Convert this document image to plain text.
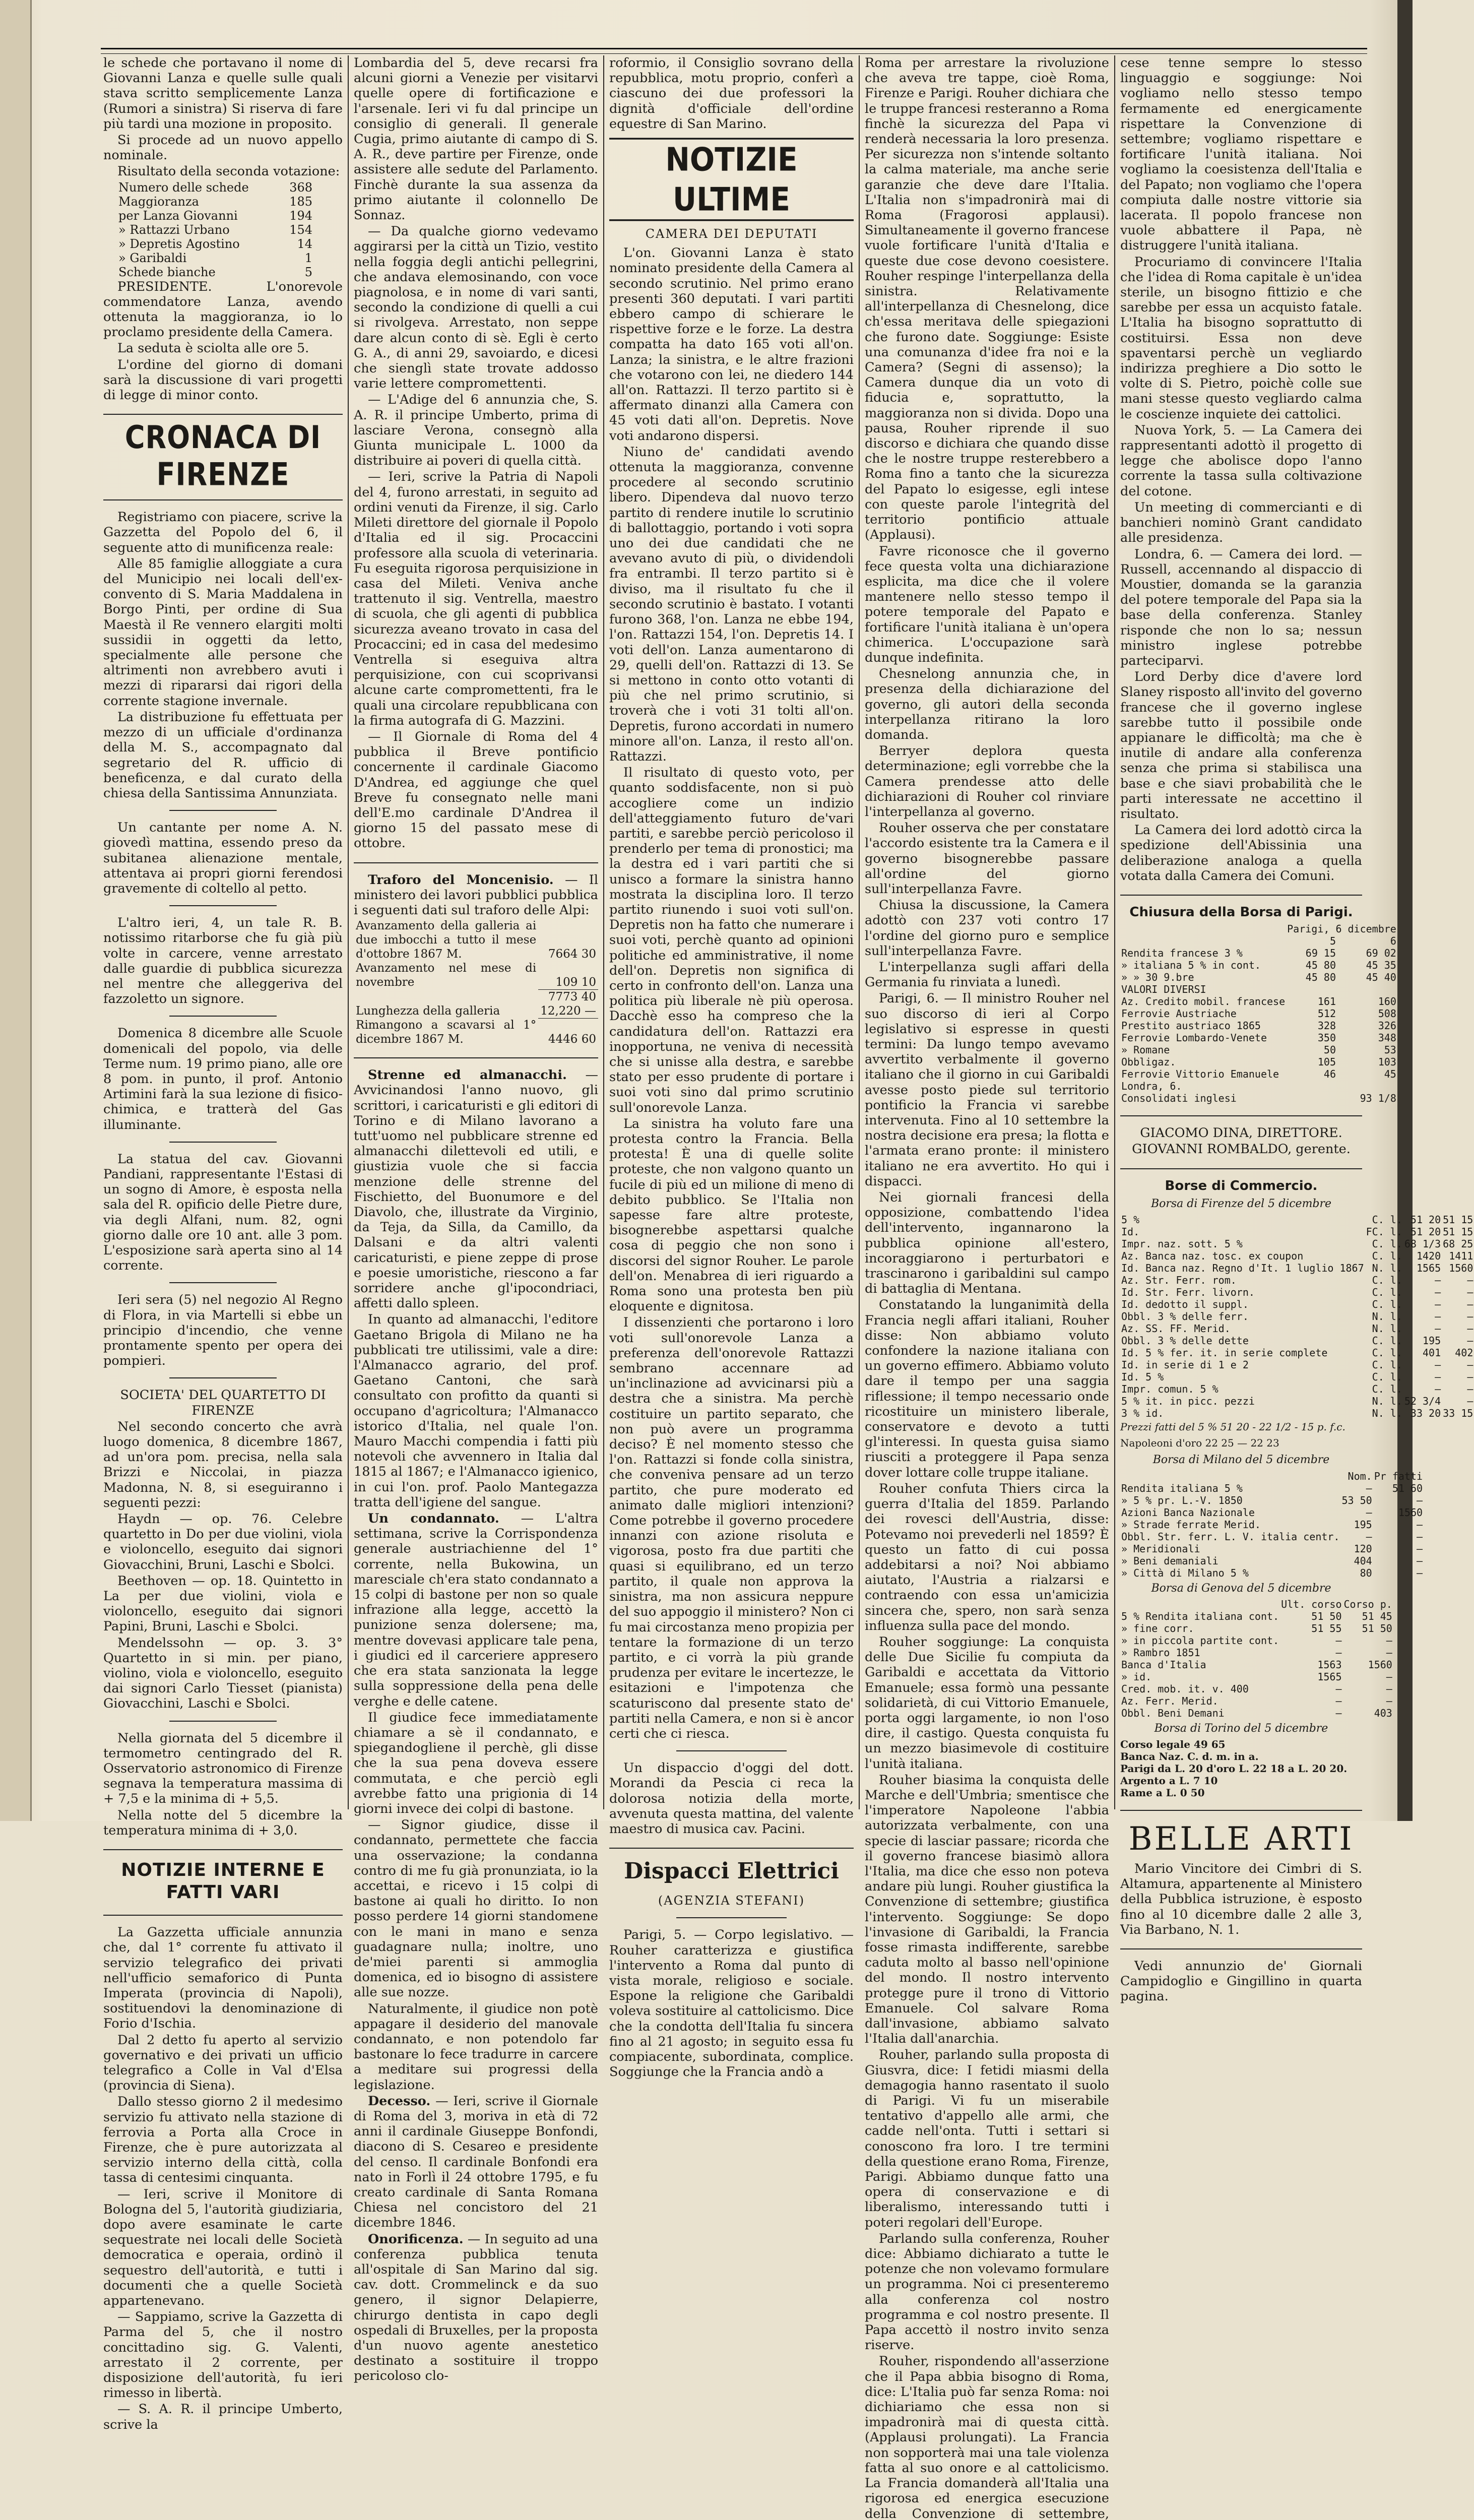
le schede che portavano il nome di Giovanni Lanza e quelle sulle quali stava scritto semplicemente Lanza (Rumori a sinistra) Si riserva di fare più tardi una mozione in proposito.

Si procede ad un nuovo appello nominale.

Risultato della seconda votazione:

Numero delle schede	368
Maggioranza	185
per Lanza Giovanni	194
» Rattazzi Urbano	154
» Depretis Agostino	14
» Garibaldi	1
Schede bianche	5

PRESIDENTE. L'onorevole commendatore Lanza, avendo ottenuta la maggioranza, io lo proclamo presidente della Camera.

La seduta è sciolta alle ore 5.

L'ordine del giorno di domani sarà la discussione di vari progetti di legge di minor conto.

CRONACA DI FIRENZE

Registriamo con piacere, scrive la Gazzetta del Popolo del 6, il seguente atto di munificenza reale:

Alle 85 famiglie alloggiate a cura del Municipio nei locali dell'ex-convento di S. Maria Maddalena in Borgo Pinti, per ordine di Sua Maestà il Re vennero elargiti molti sussidii in oggetti da letto, specialmente alle persone che altrimenti non avrebbero avuti i mezzi di ripararsi dai rigori della corrente stagione invernale.

La distribuzione fu effettuata per mezzo di un ufficiale d'ordinanza della M. S., accompagnato dal segretario del R. ufficio di beneficenza, e dal curato della chiesa della Santissima Annunziata.

Un cantante per nome A. N. giovedì mattina, essendo preso da subitanea alienazione mentale, attentava ai propri giorni ferendosi gravemente di coltello al petto.

L'altro ieri, 4, un tale R. B. notissimo ritarborse che fu già più volte in carcere, venne arrestato dalle guardie di pubblica sicurezza nel mentre che alleggeriva del fazzoletto un signore.

Domenica 8 dicembre alle Scuole domenicali del popolo, via delle Terme num. 19 primo piano, alle ore 8 pom. in punto, il prof. Antonio Artimini farà la sua lezione di fisico-chimica, e tratterà del Gas illuminante.

La statua del cav. Giovanni Pandiani, rappresentante l'Estasi di un sogno di Amore, è esposta nella sala del R. opificio delle Pietre dure, via degli Alfani, num. 82, ogni giorno dalle ore 10 ant. alle 3 pom. L'esposizione sarà aperta sino al 14 corrente.

Ieri sera (5) nel negozio Al Regno di Flora, in via Martelli si ebbe un principio d'incendio, che venne prontamente spento per opera dei pompieri.

SOCIETA' DEL QUARTETTO DI FIRENZE

Nel secondo concerto che avrà luogo domenica, 8 dicembre 1867, ad un'ora pom. precisa, nella sala Brizzi e Niccolai, in piazza Madonna, N. 8, si eseguiranno i seguenti pezzi:

Haydn — op. 76. Celebre quartetto in Do per due violini, viola e violoncello, eseguito dai signori Giovacchini, Bruni, Laschi e Sbolci.

Beethoven — op. 18. Quintetto in La per due violini, viola e violoncello, eseguito dai signori Papini, Bruni, Laschi e Sbolci.

Mendelssohn — op. 3. 3° Quartetto in si min. per piano, violino, viola e violoncello, eseguito dai signori Carlo Tiesset (pianista) Giovacchini, Laschi e Sbolci.

Nella giornata del 5 dicembre il termometro centingrado del R. Osservatorio astronomico di Firenze segnava la temperatura massima di + 7,5 e la minima di + 5,5.

Nella notte del 5 dicembre la temperatura minima di + 3,0.

NOTIZIE INTERNE E FATTI VARI

La Gazzetta ufficiale annunzia che, dal 1° corrente fu attivato il servizio telegrafico dei privati nell'ufficio semaforico di Punta Imperata (provincia di Napoli), sostituendovi la denominazione di Forio d'Ischia.

Dal 2 detto fu aperto al servizio governativo e dei privati un ufficio telegrafico a Colle in Val d'Elsa (provincia di Siena).

Dallo stesso giorno 2 il medesimo servizio fu attivato nella stazione di ferrovia a Porta alla Croce in Firenze, che è pure autorizzata al servizio interno della città, colla tassa di centesimi cinquanta.

— Ieri, scrive il Monitore di Bologna del 5, l'autorità giudiziaria, dopo avere esaminate le carte sequestrate nei locali delle Società democratica e operaia, ordinò il sequestro dell'autorità, e tutti i documenti che a quelle Società appartenevano.

— Sappiamo, scrive la Gazzetta di Parma del 5, che il nostro concittadino sig. G. Valenti, arrestato il 2 corrente, per disposizione dell'autorità, fu ieri rimesso in libertà.

— S. A. R. il principe Umberto, scrive la

Lombardia del 5, deve recarsi fra alcuni giorni a Venezie per visitarvi quelle opere di fortificazione e l'arsenale. Ieri vi fu dal principe un consiglio di generali. Il generale Cugia, primo aiutante di campo di S. A. R., deve partire per Firenze, onde assistere alle sedute del Parlamento. Finchè durante la sua assenza da primo aiutante il colonnello De Sonnaz.

— Da qualche giorno vedevamo aggirarsi per la città un Tizio, vestito nella foggia degli antichi pellegrini, che andava elemosinando, con voce piagnolosa, e in nome di vari santi, secondo la condizione di quelli a cui si rivolgeva. Arrestato, non seppe dare alcun conto di sè. Egli è certo G. A., di anni 29, savoiardo, e dicesi che sienglì state trovate addosso varie lettere compromettenti.

— L'Adige del 6 annunzia che, S. A. R. il principe Umberto, prima di lasciare Verona, consegnò alla Giunta municipale L. 1000 da distribuire ai poveri di quella città.

— Ieri, scrive la Patria di Napoli del 4, furono arrestati, in seguito ad ordini venuti da Firenze, il sig. Carlo Mileti direttore del giornale il Popolo d'Italia ed il sig. Procaccini professore alla scuola di veterinaria. Fu eseguita rigorosa perquisizione in casa del Mileti. Veniva anche trattenuto il sig. Ventrella, maestro di scuola, che gli agenti di pubblica sicurezza aveano trovato in casa del Procaccini; ed in casa del medesimo Ventrella si eseguiva altra perquisizione, con cui scoprivansi alcune carte compromettenti, fra le quali una circolare repubblicana con la firma autografa di G. Mazzini.

— Il Giornale di Roma del 4 pubblica il Breve pontificio concernente il cardinale Giacomo D'Andrea, ed aggiunge che quel Breve fu consegnato nelle mani dell'E.mo cardinale D'Andrea il giorno 15 del passato mese di ottobre.

Traforo del Moncenisio. — Il ministero dei lavori pubblici pubblica i seguenti dati sul traforo delle Alpi:

Avanzamento della galleria ai due imbocchi a tutto il mese d'ottobre 1867 M.	7664 30
Avanzamento nel mese di novembre	109 10
	7773 40
Lunghezza della galleria	12,220 —
Rimangono a scavarsi al 1° dicembre 1867 M.	4446 60

Strenne ed almanacchi. — Avvicinandosi l'anno nuovo, gli scrittori, i caricaturisti e gli editori di Torino e di Milano lavorano a tutt'uomo nel pubblicare strenne ed almanacchi dilettevoli ed utili, e giustizia vuole che si faccia menzione delle strenne del Fischietto, del Buonumore e del Diavolo, che, illustrate da Virginio, da Teja, da Silla, da Camillo, da Dalsani e da altri valenti caricaturisti, e piene zeppe di prose e poesie umoristiche, riescono a far sorridere anche gl'ipocondriaci, affetti dallo spleen.

In quanto ad almanacchi, l'editore Gaetano Brigola di Milano ne ha pubblicati tre utilissimi, vale a dire: l'Almanacco agrario, del prof. Gaetano Cantoni, che sarà consultato con profitto da quanti si occupano d'agricoltura; l'Almanacco istorico d'Italia, nel quale l'on. Mauro Macchi compendia i fatti più notevoli che avvennero in Italia dal 1815 al 1867; e l'Almanacco igienico, in cui l'on. prof. Paolo Mantegazza tratta dell'igiene del sangue.

Un condannato. — L'altra settimana, scrive la Corrispondenza generale austriachienne del 1° corrente, nella Bukowina, un maresciale ch'era stato condannato a 15 colpi di bastone per non so quale infrazione alla legge, accettò la punizione senza dolersene; ma, mentre dovevasi applicare tale pena, i giudici ed il carceriere appresero che era stata sanzionata la legge sulla soppressione della pena delle verghe e delle catene.

Il giudice fece immediatamente chiamare a sè il condannato, e spiegandogliene il perchè, gli disse che la sua pena doveva essere commutata, e che perciò egli avrebbe fatto una prigionia di 14 giorni invece dei colpi di bastone.

— Signor giudice, disse il condannato, permettete che faccia una osservazione; la condanna contro di me fu già pronunziata, io la accettai, e ricevo i 15 colpi di bastone ai quali ho diritto. Io non posso perdere 14 giorni standomene con le mani in mano e senza guadagnare nulla; inoltre, uno de'miei parenti si ammoglia domenica, ed io bisogno di assistere alle sue nozze.

Naturalmente, il giudice non potè appagare il desiderio del manovale condannato, e non potendolo far bastonare lo fece tradurre in carcere a meditare sui progressi della legislazione.

Decesso. — Ieri, scrive il Giornale di Roma del 3, moriva in età di 72 anni il cardinale Giuseppe Bonfondi, diacono di S. Cesareo e presidente del censo. Il cardinale Bonfondi era nato in Forlì il 24 ottobre 1795, e fu creato cardinale di Santa Romana Chiesa nel concistoro del 21 dicembre 1846.

Onorificenza. — In seguito ad una conferenza pubblica tenuta all'ospitale di San Marino dal sig. cav. dott. Crommelinck e da suo genero, il signor Delapierre, chirurgo dentista in capo degli ospedali di Bruxelles, per la proposta d'un nuovo agente anestetico destinato a sostituire il troppo pericoloso clo-

roformio, il Consiglio sovrano della repubblica, motu proprio, conferì a ciascuno dei due professori la dignità d'officiale dell'ordine equestre di San Marino.

NOTIZIE ULTIME
CAMERA DEI DEPUTATI

L'on. Giovanni Lanza è stato nominato presidente della Camera al secondo scrutinio. Nel primo erano presenti 360 deputati. I vari partiti ebbero campo di schierare le rispettive forze e le forze. La destra compatta ha dato 165 voti all'on. Lanza; la sinistra, e le altre frazioni che votarono con lei, ne diedero 144 all'on. Rattazzi. Il terzo partito si è affermato dinanzi alla Camera con 45 voti dati all'on. Depretis. Nove voti andarono dispersi.

Niuno de' candidati avendo ottenuta la maggioranza, convenne procedere al secondo scrutinio libero. Dipendeva dal nuovo terzo partito di rendere inutile lo scrutinio di ballottaggio, portando i voti sopra uno dei due candidati che ne avevano avuto di più, o dividendoli fra entrambi. Il terzo partito si è diviso, ma il risultato fu che il secondo scrutinio è bastato. I votanti furono 368, l'on. Lanza ne ebbe 194, l'on. Rattazzi 154, l'on. Depretis 14. I voti dell'on. Lanza aumentarono di 29, quelli dell'on. Rattazzi di 13. Se si mettono in conto otto votanti di più che nel primo scrutinio, si troverà che i voti 31 tolti all'on. Depretis, furono accordati in numero minore all'on. Lanza, il resto all'on. Rattazzi.

Il risultato di questo voto, per quanto soddisfacente, non si può accogliere come un indizio dell'atteggiamento futuro de'vari partiti, e sarebbe perciò pericoloso il prenderlo per tema di pronostici; ma la destra ed i vari partiti che si unisco a formare la sinistra hanno mostrata la disciplina loro. Il terzo partito riunendo i suoi voti sull'on. Depretis non ha fatto che numerare i suoi voti, perchè quanto ad opinioni politiche ed amministrative, il nome dell'on. Depretis non significa di certo in confronto dell'on. Lanza una politica più liberale nè più operosa. Dacchè esso ha compreso che la candidatura dell'on. Rattazzi era inopportuna, ne veniva di necessità che si unisse alla destra, e sarebbe stato per esso prudente di portare i suoi voti sino dal primo scrutinio sull'onorevole Lanza.

La sinistra ha voluto fare una protesta contro la Francia. Bella protesta! È una di quelle solite proteste, che non valgono quanto un fucile di più ed un milione di meno di debito pubblico. Se l'Italia non sapesse fare altre proteste, bisognerebbe aspettarsi qualche cosa di peggio che non sono i discorsi del signor Rouher. Le parole dell'on. Menabrea di ieri riguardo a Roma sono una protesta ben più eloquente e dignitosa.

I dissenzienti che portarono i loro voti sull'onorevole Lanza a preferenza dell'onorevole Rattazzi sembrano accennare ad un'inclinazione ad avvicinarsi più a destra che a sinistra. Ma perchè costituire un partito separato, che non può avere un programma deciso? È nel momento stesso che l'on. Rattazzi si fonde colla sinistra, che conveniva pensare ad un terzo partito, che pure moderato ed animato dalle migliori intenzioni? Come potrebbe il governo procedere innanzi con azione risoluta e vigorosa, posto fra due partiti che quasi si equilibrano, ed un terzo partito, il quale non approva la sinistra, ma non assicura neppure del suo appoggio il ministero? Non ci fu mai circostanza meno propizia per tentare la formazione di un terzo partito, e ci vorrà la più grande prudenza per evitare le incertezze, le esitazioni e l'impotenza che scaturiscono dal presente stato de' partiti nella Camera, e non si è ancor certi che ci riesca.

Un dispaccio d'oggi del dott. Morandi da Pescia ci reca la dolorosa notizia della morte, avvenuta questa mattina, del valente maestro di musica cav. Pacini.

Dispacci Elettrici
(AGENZIA STEFANI)

Parigi, 5. — Corpo legislativo. — Rouher caratterizza e giustifica l'intervento a Roma dal punto di vista morale, religioso e sociale. Espone la religione che Garibaldi voleva sostituire al cattolicismo. Dice che la condotta dell'Italia fu sincera fino al 21 agosto; in seguito essa fu compiacente, subordinata, complice. Soggiunge che la Francia andò a

Roma per arrestare la rivoluzione che aveva tre tappe, cioè Roma, Firenze e Parigi. Rouher dichiara che le truppe francesi resteranno a Roma finchè la sicurezza del Papa vi renderà necessaria la loro presenza. Per sicurezza non s'intende soltanto la calma materiale, ma anche serie garanzie che deve dare l'Italia. L'Italia non s'impadronirà mai di Roma (Fragorosi applausi). Simultaneamente il governo francese vuole fortificare l'unità d'Italia e queste due cose devono coesistere. Rouher respinge l'interpellanza della sinistra. Relativamente all'interpellanza di Chesnelong, dice ch'essa meritava delle spiegazioni che furono date. Soggiunge: Esiste una comunanza d'idee fra noi e la Camera? (Segni di assenso); la Camera dunque dia un voto di fiducia e, soprattutto, la maggioranza non si divida. Dopo una pausa, Rouher riprende il suo discorso e dichiara che quando disse che le nostre truppe resterebbero a Roma fino a tanto che la sicurezza del Papato lo esigesse, egli intese con queste parole l'integrità del territorio pontificio attuale (Applausi).

Favre riconosce che il governo fece questa volta una dichiarazione esplicita, ma dice che il volere mantenere nello stesso tempo il potere temporale del Papato e fortificare l'unità italiana è un'opera chimerica. L'occupazione sarà dunque indefinita.

Chesnelong annunzia che, in presenza della dichiarazione del governo, gli autori della seconda interpellanza ritirano la loro domanda.

Berryer deplora questa determinazione; egli vorrebbe che la Camera prendesse atto delle dichiarazioni di Rouher col rinviare l'interpellanza al governo.

Rouher osserva che per constatare l'accordo esistente tra la Camera e il governo bisognerebbe passare all'ordine del giorno sull'interpellanza Favre.

Chiusa la discussione, la Camera adottò con 237 voti contro 17 l'ordine del giorno puro e semplice sull'interpellanza Favre.

L'interpellanza sugli affari della Germania fu rinviata a lunedì.

Parigi, 6. — Il ministro Rouher nel suo discorso di ieri al Corpo legislativo si espresse in questi termini: Da lungo tempo avevamo avvertito verbalmente il governo italiano che il giorno in cui Garibaldi avesse posto piede sul territorio pontificio la Francia vi sarebbe intervenuta. Fino al 10 settembre la nostra decisione era presa; la flotta e l'armata erano pronte: il ministero italiano ne era avvertito. Ho qui i dispacci.

Nei giornali francesi della opposizione, combattendo l'idea dell'intervento, ingannarono la pubblica opinione all'estero, incoraggiarono i perturbatori e trascinarono i garibaldini sul campo di battaglia di Mentana.

Constatando la lunganimità della Francia negli affari italiani, Rouher disse: Non abbiamo voluto confondere la nazione italiana con un governo effimero. Abbiamo voluto dare il tempo per una saggia riflessione; il tempo necessario onde ricostituire un ministero liberale, conservatore e devoto a tutti gl'interessi. In questa guisa siamo riusciti a proteggere il Papa senza dover lottare colle truppe italiane.

Rouher confuta Thiers circa la guerra d'Italia del 1859. Parlando dei rovesci dell'Austria, disse: Potevamo noi prevederli nel 1859? È questo un fatto di cui possa addebitarsi a noi? Noi abbiamo aiutato, l'Austria a rialzarsi e contraendo con essa un'amicizia sincera che, spero, non sarà senza influenza sulla pace del mondo.

Rouher soggiunge: La conquista delle Due Sicilie fu compiuta da Garibaldi e accettata da Vittorio Emanuele; essa formò una pessante solidarietà, di cui Vittorio Emanuele, porta oggi largamente, io non l'oso dire, il castigo. Questa conquista fu un mezzo biasimevole di costituire l'unità italiana.

Rouher biasima la conquista delle Marche e dell'Umbria; smentisce che l'imperatore Napoleone l'abbia autorizzata verbalmente, con una specie di lasciar passare; ricorda che il governo francese biasimò allora l'Italia, ma dice che esso non poteva andare più lungi. Rouher giustifica la Convenzione di settembre; giustifica l'intervento. Soggiunge: Se dopo l'invasione di Garibaldi, la Francia fosse rimasta indifferente, sarebbe caduta molto al basso nell'opinione del mondo. Il nostro intervento protegge pure il trono di Vittorio Emanuele. Col salvare Roma dall'invasione, abbiamo salvato l'Italia dall'anarchia.

Rouher, parlando sulla proposta di Giusvra, dice: I fetidi miasmi della demagogia hanno rasentato il suolo di Parigi. Vi fu un miserabile tentativo d'appello alle armi, che cadde nell'onta. Tutti i settari si conoscono fra loro. I tre termini della questione erano Roma, Firenze, Parigi. Abbiamo dunque fatto una opera di conservazione e di liberalismo, interessando tutti i poteri regolari dell'Europe.

Parlando sulla conferenza, Rouher dice: Abbiamo dichiarato a tutte le potenze che non volevamo formulare un programma. Noi ci presenteremo alla conferenza col nostro programma e col nostro presente. Il Papa accettò il nostro invito senza riserve.

Rouher, rispondendo all'asserzione che il Papa abbia bisogno di Roma, dice: L'Italia può far senza Roma: noi dichiariamo che essa non si impadronirà mai di questa città. (Applausi prolungati). La Francia non sopporterà mai una tale violenza fatta al suo onore e al cattolicismo. La Francia domanderà all'Italia una rigorosa ed energica esecuzione della Convenzione di settembre,

cese tenne sempre lo stesso linguaggio e soggiunge: Noi vogliamo nello stesso tempo fermamente ed energicamente rispettare la Convenzione di settembre; vogliamo rispettare e fortificare l'unità italiana. Noi vogliamo la coesistenza dell'Italia e del Papato; non vogliamo che l'opera compiuta dalle nostre vittorie sia lacerata. Il popolo francese non vuole abbattere il Papa, nè distruggere l'unità italiana.

Procuriamo di convincere l'Italia che l'idea di Roma capitale è un'idea sterile, un bisogno fittizio e che sarebbe per essa un acquisto fatale. L'Italia ha bisogno soprattutto di costituirsi. Essa non deve spaventarsi perchè un vegliardo indirizza preghiere a Dio sotto le volte di S. Pietro, poichè colle sue mani stesse questo vegliardo calma le coscienze inquiete dei cattolici.

Nuova York, 5. — La Camera dei rappresentanti adottò il progetto di legge che abolisce dopo l'anno corrente la tassa sulla coltivazione del cotone.

Un meeting di commercianti e di banchieri nominò Grant candidato alle presidenza.

Londra, 6. — Camera dei lord. — Russell, accennando al dispaccio di Moustier, domanda se la garanzia del potere temporale del Papa sia la base della conferenza. Stanley risponde che non lo sa; nessun ministro inglese potrebbe parteciparvi.

Lord Derby dice d'avere lord Slaney risposto all'invito del governo francese che il governo inglese sarebbe tutto il possibile onde appianare le difficoltà; ma che è inutile di andare alla conferenza senza che prima si stabilisca una base e che siavi probabilità che le parti interessate ne accettino il risultato.

La Camera dei lord adottò circa la spedizione dell'Abissinia una deliberazione analoga a quella votata dalla Camera dei Comuni.

Chiusura della Borsa di Parigi.
	Parigi, 6 dicembre	
	5	6
Rendita francese 3 %	69 15	69 02
» italiana 5 % in cont.	45 80	45 35
» » 30 9.bre	45 80	45 40
VALORI DIVERSI		
Az. Credito mobil. francese	161	160
Ferrovie Austriache	512	508
Prestito austriaco 1865	328	326
Ferrovie Lombardo-Venete	350	348
» Romane	50	53
Obbligaz.	105	103
Ferrovie Vittorio Emanuele	46	45
Londra, 6.		
Consolidati inglesi		93 1/8

GIACOMO DINA, DIRETTORE.

GIOVANNI ROMBALDO, gerente.

Borse di Commercio.
Borsa di Firenze del 5 dicembre
5 %	C. l.	51 20	51 15
Id.	FC. l.	51 20	51 15
Impr. naz. sott. 5 %	C. l.	68 1/3	68 25
Az. Banca naz. tosc. ex coupon	C. l.	1420	1411
Id. Banca naz. Regno d'It. 1 luglio 1867	N. l.	1565	1560
Az. Str. Ferr. rom.	C. l.	—	—
Id. Str. Ferr. livorn.	C. l.	—	—
Id. dedotto il suppl.	C. l.	—	—
Obbl. 3 % delle ferr.	N. l.	—	—
Az. SS. FF. Merid.	N. l.	—	—
Obbl. 3 % delle dette	C. l.	195	—
Id. 5 % fer. it. in serie complete	C. l.	401	402
Id. in serie di 1 e 2	C. l.	—	—
Id. 5 %	C. l.	—	—
Impr. comun. 5 %	C. l.	—	—
5 % it. in picc. pezzi	N. l.	52 3/4	—
3 % id.	N. l.	33 20	33 15

Prezzi fatti del 5 % 51 20 - 22 1/2 - 15 p. f.c.

Napoleoni d'oro 22 25 — 22 23

Borsa di Milano del 5 dicembre
	Nom.	Pr fatti
Rendita italiana 5 %	—	51 60
» 5 % pr. L.-V. 1850	53 50	—
Azioni Banca Nazionale	—	1560
» Strade ferrate Merid.	195	—
Obbl. Str. ferr. L. V. italia centr.	—	—
» Meridionali	120	—
» Beni demaniali	404	—
» Città di Milano 5 %	80	—
Borsa di Genova del 5 dicembre
	Ult. corso	Corso p.
5 % Rendita italiana cont.	51 50	51 45
» fine corr.	51 55	51 50
» in piccola partite cont.	—	—
» Rambro 1851	—	—
Banca d'Italia	1563	1560
» id.	1565	—
Cred. mob. it. v. 400	—	—
Az. Ferr. Merid.	—	—
Obbl. Beni Demani	—	403
Borsa di Torino del 5 dicembre
Corso legale 49 65
Banca Naz. C. d. m. in a.
Parigi da L. 20 d'oro L. 22 18 a L. 20 20.
Argento a L. 7 10
Rame a L. 0 50
BELLE ARTI

Mario Vincitore dei Cimbri di S. Altamura, appartenente al Ministero della Pubblica istruzione, è esposto fino al 10 dicembre dalle 2 alle 3, Via Barbano, N. 1.

Vedi annunzio de' Giornali Campidoglio e Gingillino in quarta pagina.
